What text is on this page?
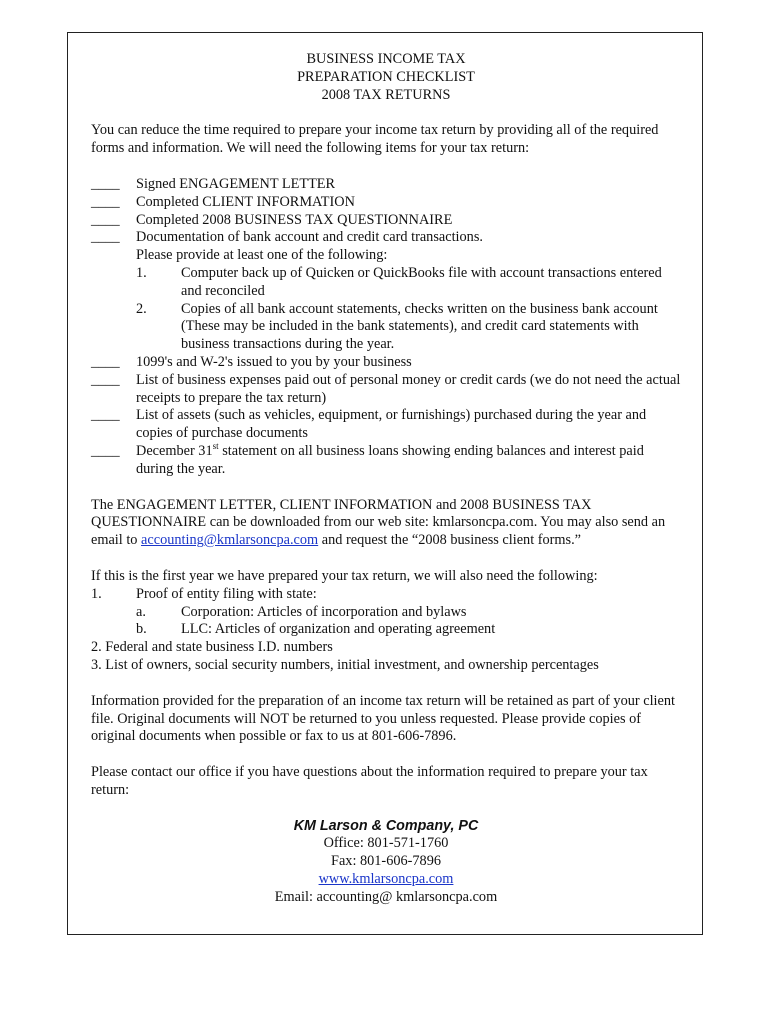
BUSINESS INCOME TAX
PREPARATION CHECKLIST
2008 TAX RETURNS
You can reduce the time required to prepare your income tax return by providing all of the required forms and information. We will need the following items for your tax return:
____	Signed ENGAGEMENT LETTER
____	Completed CLIENT INFORMATION
____	Completed 2008 BUSINESS TAX QUESTIONNAIRE
____	Documentation of bank account and credit card transactions.
Please provide at least one of the following:
1.	Computer back up of Quicken or QuickBooks file with account transactions entered and reconciled
2.	Copies of all bank account statements, checks written on the business bank account (These may be included in the bank statements), and credit card statements with business transactions during the year.
____	1099's and W-2's issued to you by your business
____	List of business expenses paid out of personal money or credit cards (we do not need the actual receipts to prepare the tax return)
____	List of assets (such as vehicles, equipment, or furnishings) purchased during the year and copies of purchase documents
____	December 31st statement on all business loans showing ending balances and interest paid during the year.
The ENGAGEMENT LETTER, CLIENT INFORMATION and 2008 BUSINESS TAX QUESTIONNAIRE can be downloaded from our web site: kmlarsoncpa.com. You may also send an email to accounting@kmlarsoncpa.com and request the “2008 business client forms.”
If this is the first year we have prepared your tax return, we will also need the following:
1.	Proof of entity filing with state:
a.	Corporation: Articles of incorporation and bylaws
b.	LLC: Articles of organization and operating agreement
2. Federal and state business I.D. numbers
3. List of owners, social security numbers, initial investment, and ownership percentages
Information provided for the preparation of an income tax return will be retained as part of your client file. Original documents will NOT be returned to you unless requested. Please provide copies of original documents when possible or fax to us at 801-606-7896.
Please contact our office if you have questions about the information required to prepare your tax return:
KM Larson & Company, PC
Office: 801-571-1760
Fax: 801-606-7896
www.kmlarsoncpa.com
Email: accounting@ kmlarsoncpa.com
